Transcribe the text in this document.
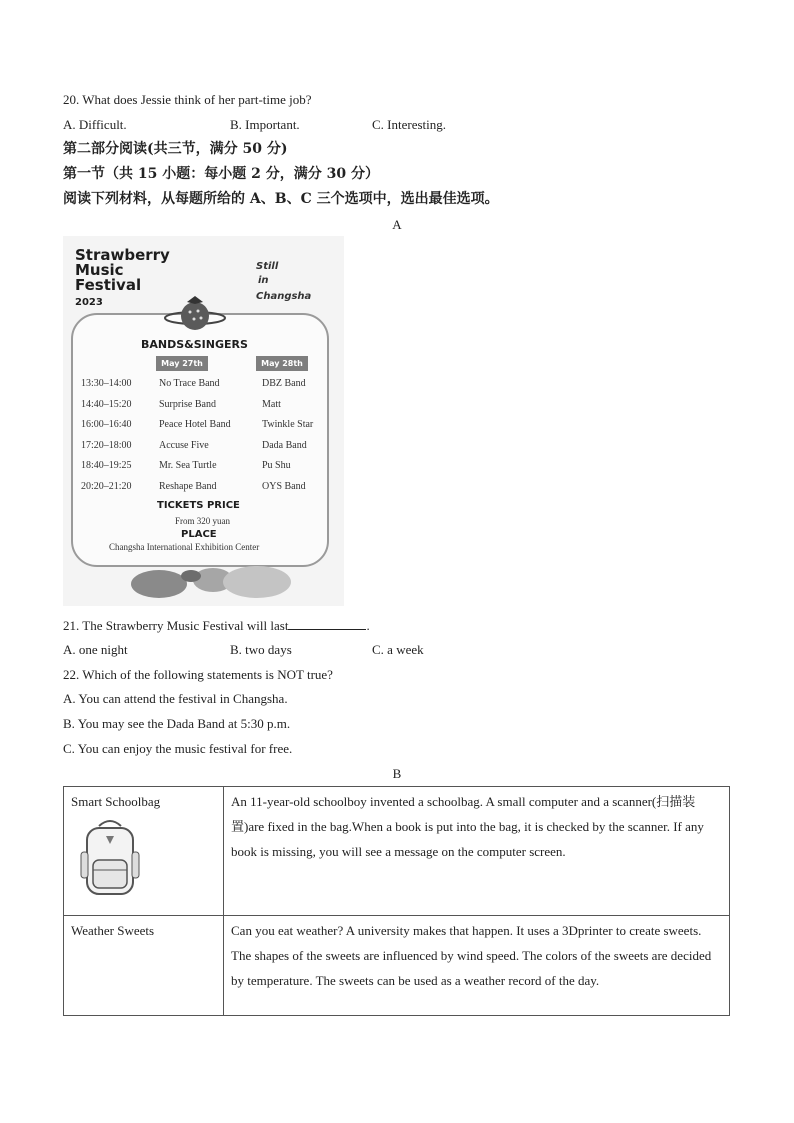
20. What does Jessie think of her part-time job?
A. Difficult.	B. Important.	C. Interesting.
第二部分阅读(共三节，满分 50 分)
第一节（共 15 小题：每小题 2 分，满分 30 分）
阅读下列材料，从每题所给的 A、B、C 三个选项中，选出最佳选项。
A
Strawberry
Music
Festival
2023
Still
in
Changsha
BANDS&SINGERS
May 27th	May 28th
13:30–14:00	No Trace Band	DBZ Band
14:40–15:20	Surprise Band	Matt
16:00–16:40	Peace Hotel Band	Twinkle Star
17:20–18:00	Accuse Five	Dada Band
18:40–19:25	Mr. Sea Turtle	Pu Shu
20:20–21:20	Reshape Band	OYS Band
TICKETS PRICE
From 320 yuan
PLACE
Changsha International Exhibition Center
21. The Strawberry Music Festival will last	.
A. one night	B. two days	C. a week
22. Which of the following statements is NOT true?
A. You can attend the festival in Changsha.
B. You may see the Dada Band at 5:30 p.m.
C. You can enjoy the music festival for free.
B
Smart Schoolbag	An 11-year-old schoolboy invented a schoolbag. A small computer and a scanner(扫描装置)are fixed in the bag.When a book is put into the bag, it is checked by the scanner. If any book is missing, you will see a message on the computer screen.
Weather Sweets	Can you eat weather? A university makes that happen. It uses a 3Dprinter to create sweets. The shapes of the sweets are influenced by wind speed. The colors of the sweets are decided by temperature. The sweets can be used as a weather record of the day.
